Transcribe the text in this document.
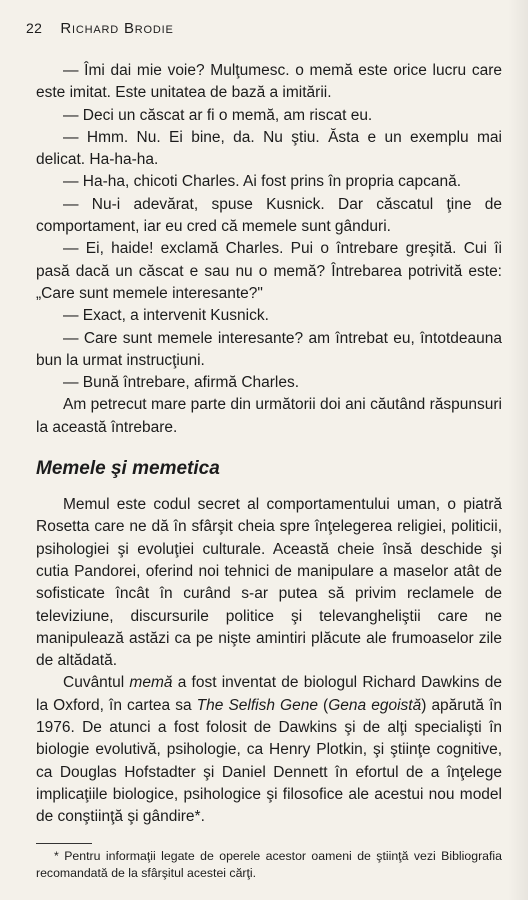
22 Richard Brodie

— Îmi dai mie voie? Mulţumesc. o memă este orice lucru care este imitat. Este unitatea de bază a imitării.

— Deci un căscat ar fi o memă, am riscat eu.

— Hmm. Nu. Ei bine, da. Nu ştiu. Ăsta e un exemplu mai delicat. Ha-ha-ha.

— Ha-ha, chicoti Charles. Ai fost prins în propria capcană.

— Nu-i adevărat, spuse Kusnick. Dar căscatul ţine de comportament, iar eu cred că memele sunt gânduri.

— Ei, haide! exclamă Charles. Pui o întrebare greşită. Cui îi pasă dacă un căscat e sau nu o memă? Întrebarea potrivită este: „Care sunt memele interesante?"

— Exact, a intervenit Kusnick.

— Care sunt memele interesante? am întrebat eu, întotdeauna bun la urmat instrucţiuni.

— Bună întrebare, afirmă Charles.

Am petrecut mare parte din următorii doi ani căutând răspunsuri la această întrebare.

Memele şi memetica

Memul este codul secret al comportamentului uman, o piatră Rosetta care ne dă în sfârşit cheia spre înţelegerea religiei, politicii, psihologiei şi evoluţiei culturale. Această cheie însă deschide şi cutia Pandorei, oferind noi tehnici de manipulare a maselor atât de sofisticate încât în curând s-ar putea să privim reclamele de televiziune, discursurile politice şi televangheliştii care ne manipulează astăzi ca pe nişte amintiri plăcute ale frumoaselor zile de altădată.

Cuvântul memă a fost inventat de biologul Richard Dawkins de la Oxford, în cartea sa The Selfish Gene (Gena egoistă) apărută în 1976. De atunci a fost folosit de Dawkins şi de alţi specialişti în biologie evolutivă, psihologie, ca Henry Plotkin, şi ştiinţe cognitive, ca Douglas Hofstadter şi Daniel Dennett în efortul de a înţelege implicaţiile biologice, psihologice şi filosofice ale acestui nou model de conştiinţă şi gândire*.

* Pentru informaţii legate de operele acestor oameni de ştiinţă vezi Bibliografia recomandată de la sfârşitul acestei cărţi.
